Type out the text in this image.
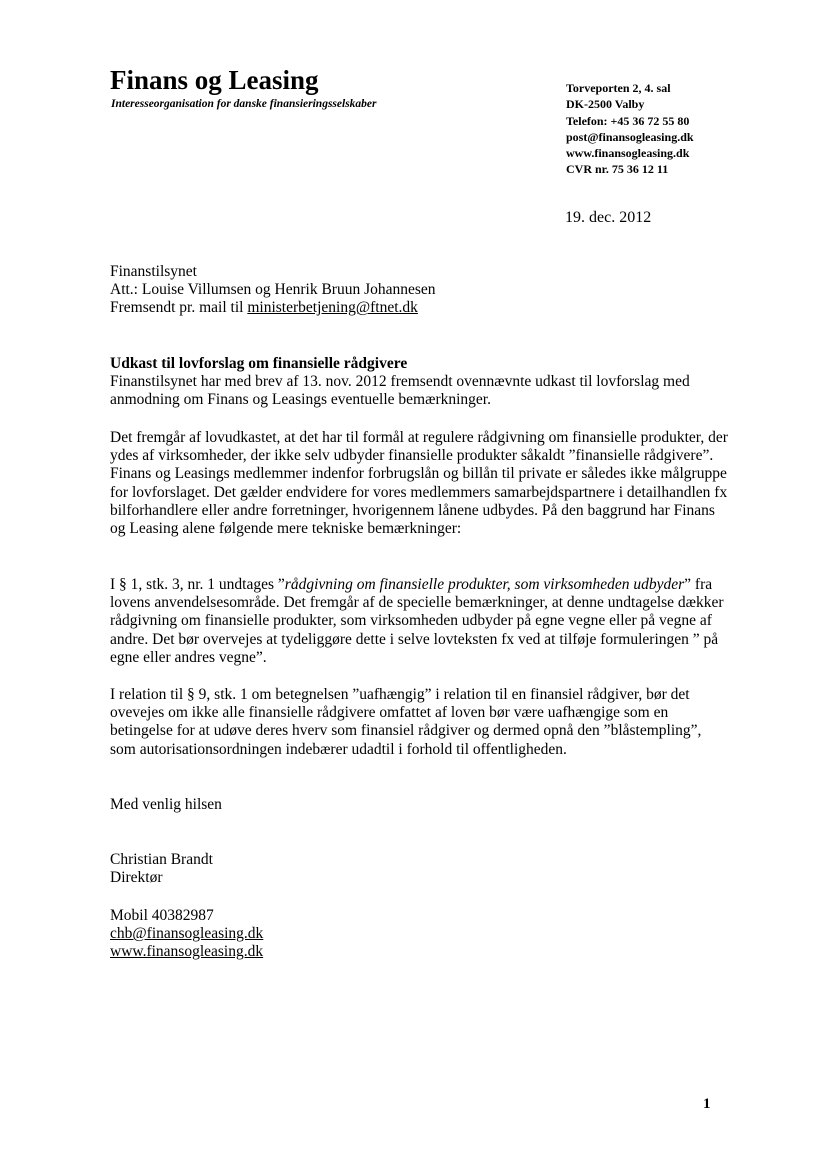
Finans og Leasing
Interesseorganisation for danske finansieringsselskaber
Torveporten 2, 4. sal
DK-2500 Valby
Telefon: +45 36 72 55 80
post@finansogleasing.dk
www.finansogleasing.dk
CVR nr. 75 36 12 11
19. dec. 2012
Finanstilsynet
Att.: Louise Villumsen og Henrik Bruun Johannesen
Fremsendt pr. mail til ministerbetjening@ftnet.dk
Udkast til lovforslag om finansielle rådgivere
Finanstilsynet har med brev af 13. nov. 2012 fremsendt ovennævnte udkast til lovforslag med anmodning om Finans og Leasings eventuelle bemærkninger.
Det fremgår af lovudkastet, at det har til formål at regulere rådgivning om finansielle produkter, der ydes af virksomheder, der ikke selv udbyder finansielle produkter såkaldt ”finansielle rådgivere”. Finans og Leasings medlemmer indenfor forbrugslån og billån til private er således ikke målgruppe for lovforslaget. Det gælder endvidere for vores medlemmers samarbejdspartnere i detailhandlen fx bilforhandlere eller andre forretninger, hvorigennem lånene udbydes. På den baggrund har Finans og Leasing alene følgende mere tekniske bemærkninger:
I § 1, stk. 3, nr. 1 undtages ”rådgivning om finansielle produkter, som virksomheden udbyder” fra lovens anvendelsesområde. Det fremgår af de specielle bemærkninger, at denne undtagelse dækker rådgivning om finansielle produkter, som virksomheden udbyder på egne vegne eller på vegne af andre. Det bør overvejes at tydeliggøre dette i selve lovteksten fx ved at tilføje formuleringen ” på egne eller andres vegne”.
I relation til § 9, stk. 1 om betegnelsen ”uafhængig” i relation til en finansiel rådgiver, bør det ovevejes om ikke alle finansielle rådgivere omfattet af loven bør være uafhængige som en betingelse for at udøve deres hverv som finansiel rådgiver og dermed opnå den ”blåstempling”, som autorisationsordningen indebærer udadtil i forhold til offentligheden.
Med venlig hilsen
Christian Brandt
Direktør
Mobil 40382987
chb@finansogleasing.dk
www.finansogleasing.dk
1
